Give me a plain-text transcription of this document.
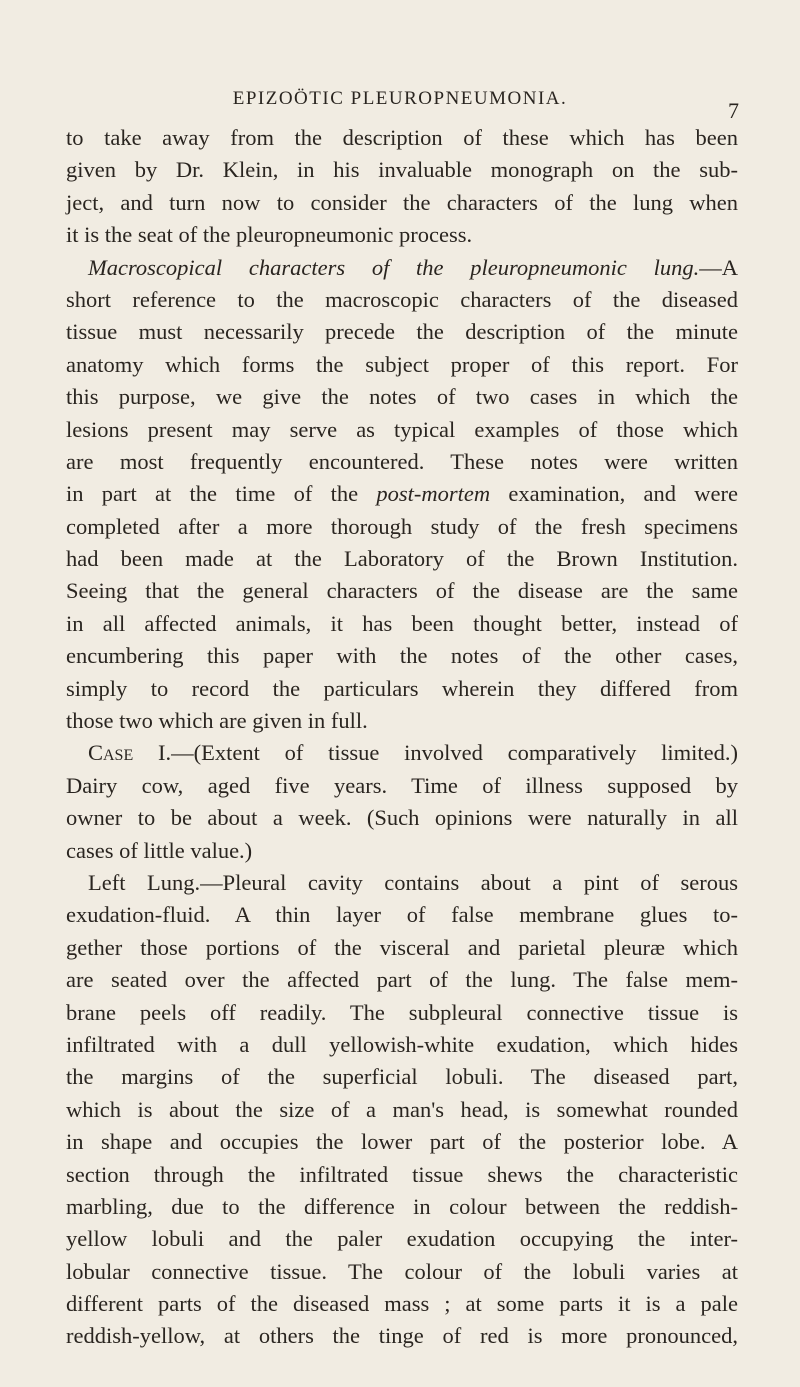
EPIZOÖTIC PLEUROPNEUMONIA.	7
to take away from the description of these which has been
given by Dr. Klein, in his invaluable monograph on the sub-
ject, and turn now to consider the characters of the lung when
it is the seat of the pleuropneumonic process.
Macroscopical characters of the pleuropneumonic lung.—A
short reference to the macroscopic characters of the diseased
tissue must necessarily precede the description of the minute
anatomy which forms the subject proper of this report. For
this purpose, we give the notes of two cases in which the
lesions present may serve as typical examples of those which
are most frequently encountered. These notes were written
in part at the time of the post-mortem examination, and were
completed after a more thorough study of the fresh specimens
had been made at the Laboratory of the Brown Institution.
Seeing that the general characters of the disease are the same
in all affected animals, it has been thought better, instead of
encumbering this paper with the notes of the other cases,
simply to record the particulars wherein they differed from
those two which are given in full.
Case I.—(Extent of tissue involved comparatively limited.)
Dairy cow, aged five years. Time of illness supposed by
owner to be about a week. (Such opinions were naturally in all
cases of little value.)
Left Lung.—Pleural cavity contains about a pint of serous
exudation-fluid. A thin layer of false membrane glues to-
gether those portions of the visceral and parietal pleuræ which
are seated over the affected part of the lung. The false mem-
brane peels off readily. The subpleural connective tissue is
infiltrated with a dull yellowish-white exudation, which hides
the margins of the superficial lobuli. The diseased part,
which is about the size of a man's head, is somewhat rounded
in shape and occupies the lower part of the posterior lobe. A
section through the infiltrated tissue shews the characteristic
marbling, due to the difference in colour between the reddish-
yellow lobuli and the paler exudation occupying the inter-
lobular connective tissue. The colour of the lobuli varies at
different parts of the diseased mass ; at some parts it is a pale
reddish-yellow, at others the tinge of red is more pronounced,
